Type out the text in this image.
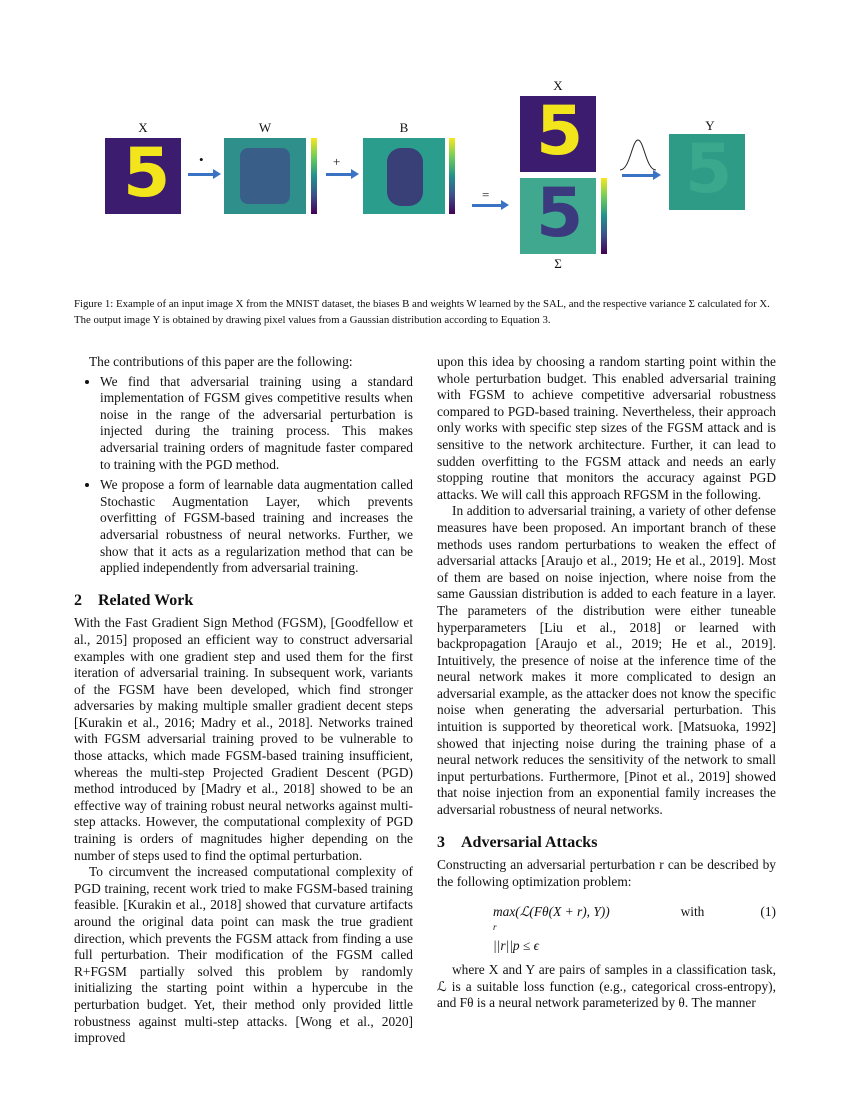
X
5 •
W
+
B
=
X
5
5
Σ
Y
5
Figure 1: Example of an input image X from the MNIST dataset, the biases B and weights W learned by the SAL, and the respective variance Σ calculated for X. The output image Y is obtained by drawing pixel values from a Gaussian distribution according to Equation 3.

The contributions of this paper are the following:

• We find that adversarial training using a standard implementation of FGSM gives competitive results when noise in the range of the adversarial perturbation is injected during the training process. This makes adversarial training orders of magnitude faster compared to training with the PGD method.
• We propose a form of learnable data augmentation called Stochastic Augmentation Layer, which prevents overfitting of FGSM-based training and increases the adversarial robustness of neural networks. Further, we show that it acts as a regularization method that can be applied independently from adversarial training.
2 Related Work

With the Fast Gradient Sign Method (FGSM), [Goodfellow et al., 2015] proposed an efficient way to construct adversarial examples with one gradient step and used them for the first iteration of adversarial training. In subsequent work, variants of the FGSM have been developed, which find stronger adversaries by making multiple smaller gradient decent steps [Kurakin et al., 2016; Madry et al., 2018]. Networks trained with FGSM adversarial training proved to be vulnerable to those attacks, which made FGSM-based training insufficient, whereas the multi-step Projected Gradient Descent (PGD) method introduced by [Madry et al., 2018] showed to be an effective way of training robust neural networks against multi-step attacks. However, the computational complexity of PGD training is orders of magnitudes higher depending on the number of steps used to find the optimal perturbation.

To circumvent the increased computational complexity of PGD training, recent work tried to make FGSM-based training feasible. [Kurakin et al., 2018] showed that curvature artifacts around the original data point can mask the true gradient direction, which prevents the FGSM attack from finding a use full perturbation. Their modification of the FGSM called R+FGSM partially solved this problem by randomly initializing the starting point within a hypercube in the perturbation budget. Yet, their method only provided little robustness against multi-step attacks. [Wong et al., 2020] improved

upon this idea by choosing a random starting point within the whole perturbation budget. This enabled adversarial training with FGSM to achieve competitive adversarial robustness compared to PGD-based training. Nevertheless, their approach only works with specific step sizes of the FGSM attack and is sensitive to the network architecture. Further, it can lead to sudden overfitting to the FGSM attack and needs an early stopping routine that monitors the accuracy against PGD attacks. We will call this approach RFGSM in the following.

In addition to adversarial training, a variety of other defense measures have been proposed. An important branch of these methods uses random perturbations to weaken the effect of adversarial attacks [Araujo et al., 2019; He et al., 2019]. Most of them are based on noise injection, where noise from the same Gaussian distribution is added to each feature in a layer. The parameters of the distribution were either tuneable hyperparameters [Liu et al., 2018] or learned with backpropagation [Araujo et al., 2019; He et al., 2019]. Intuitively, the presence of noise at the inference time of the neural network makes it more complicated to design an adversarial example, as the attacker does not know the specific noise when generating the adversarial perturbation. This intuition is supported by theoretical work. [Matsuoka, 1992] showed that injecting noise during the training phase of a neural network reduces the sensitivity of the network to small input perturbations. Furthermore, [Pinot et al., 2019] showed that noise injection from an exponential family increases the adversarial robustness of neural networks.

3 Adversarial Attacks

Constructing an adversarial perturbation r can be described by the following optimization problem:

max(ℒ(Fθ(X + r), Y))
r
||r||p ≤ ϵ
with	(1)

where X and Y are pairs of samples in a classification task, ℒ is a suitable loss function (e.g., categorical cross-entropy), and Fθ is a neural network parameterized by θ. The manner
